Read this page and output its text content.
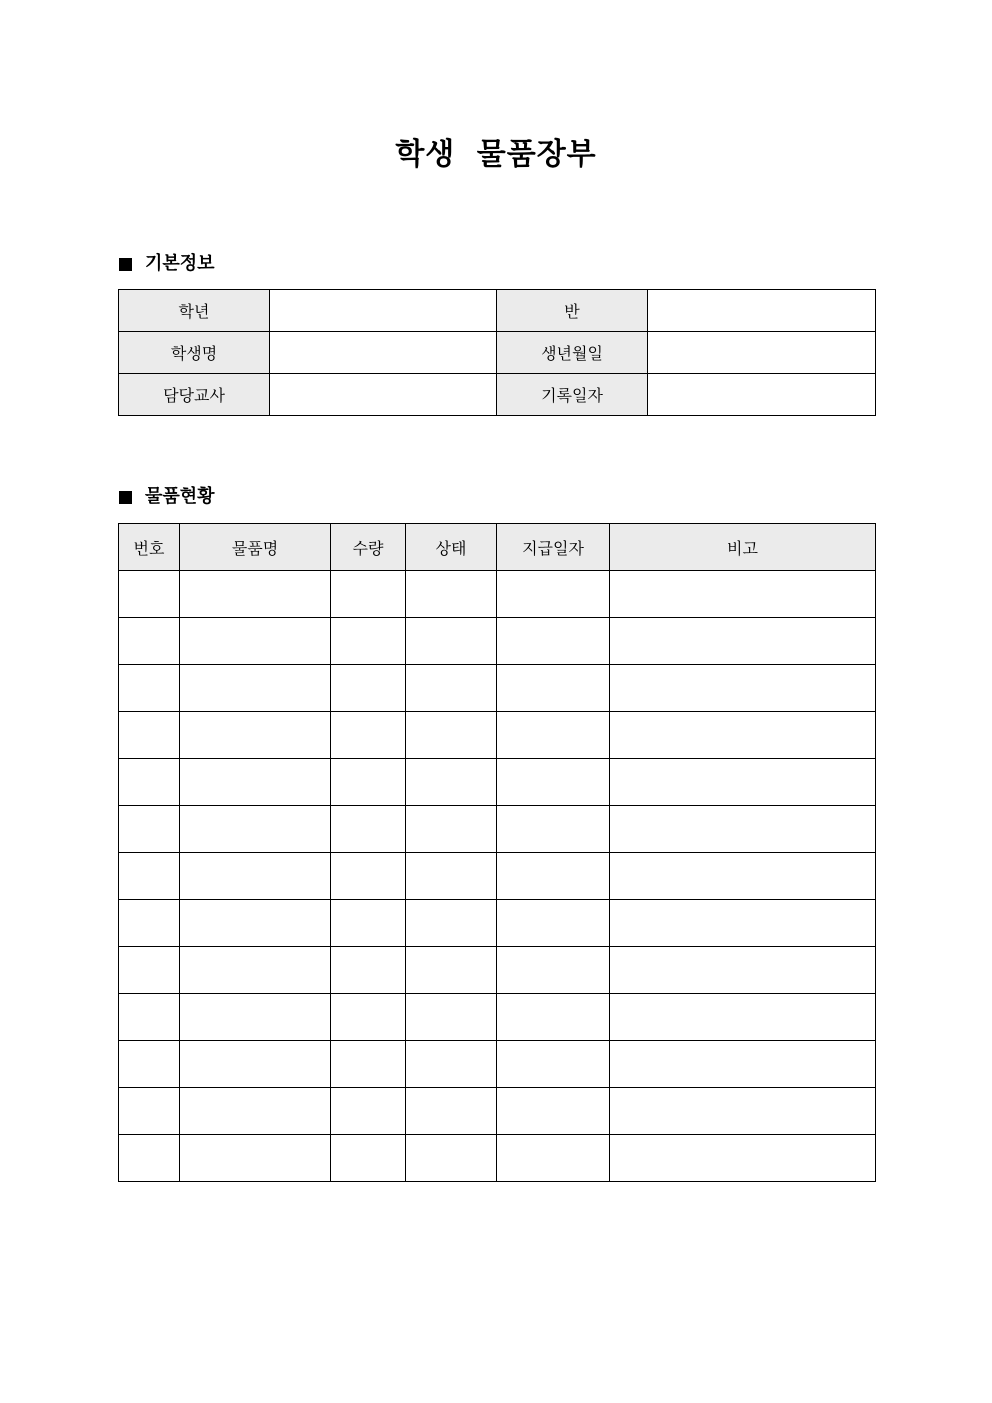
학생 물품장부
기본정보
학년		반	
학생명		생년월일	
담당교사		기록일자	
물품현황
번호	물품명	수량	상태	지급일자	비고
